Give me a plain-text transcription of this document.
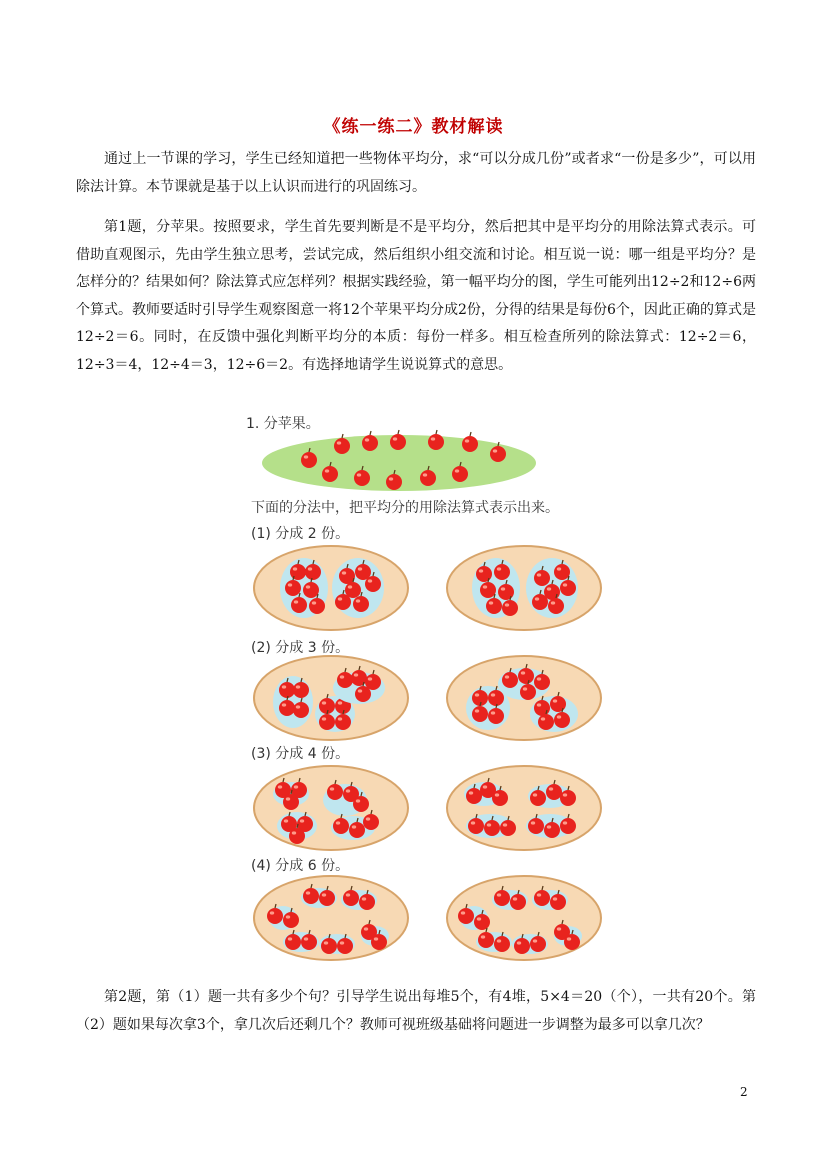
《练一练二》教材解读
通过上一节课的学习，学生已经知道把一些物体平均分，求“可以分成几份”或者求“一份是多少”，可以用除法计算。本节课就是基于以上认识而进行的巩固练习。
第1题，分苹果。按照要求，学生首先要判断是不是平均分，然后把其中是平均分的用除法算式表示。可借助直观图示，先由学生独立思考，尝试完成，然后组织小组交流和讨论。相互说一说：哪一组是平均分？是怎样分的？结果如何？除法算式应怎样列？根据实践经验，第一幅平均分的图，学生可能列出12÷2和12÷6两个算式。教师要适时引导学生观察图意一将12个苹果平均分成2份，分得的结果是每份6个，因此正确的算式是12÷2＝6。同时，在反馈中强化判断平均分的本质：每份一样多。相互检查所列的除法算式：12÷2＝6，12÷3＝4，12÷4＝3，12÷6＝2。有选择地请学生说说算式的意思。
1. 分苹果。
下面的分法中，把平均分的用除法算式表示出来。
(1) 分成 2 份。
(2) 分成 3 份。
(3) 分成 4 份。
(4) 分成 6 份。
第2题，第（1）题一共有多少个句？引导学生说出每堆5个，有4堆，5×4＝20（个），一共有20个。第（2）题如果每次拿3个，拿几次后还剩几个？教师可视班级基础将问题进一步调整为最多可以拿几次？
2
